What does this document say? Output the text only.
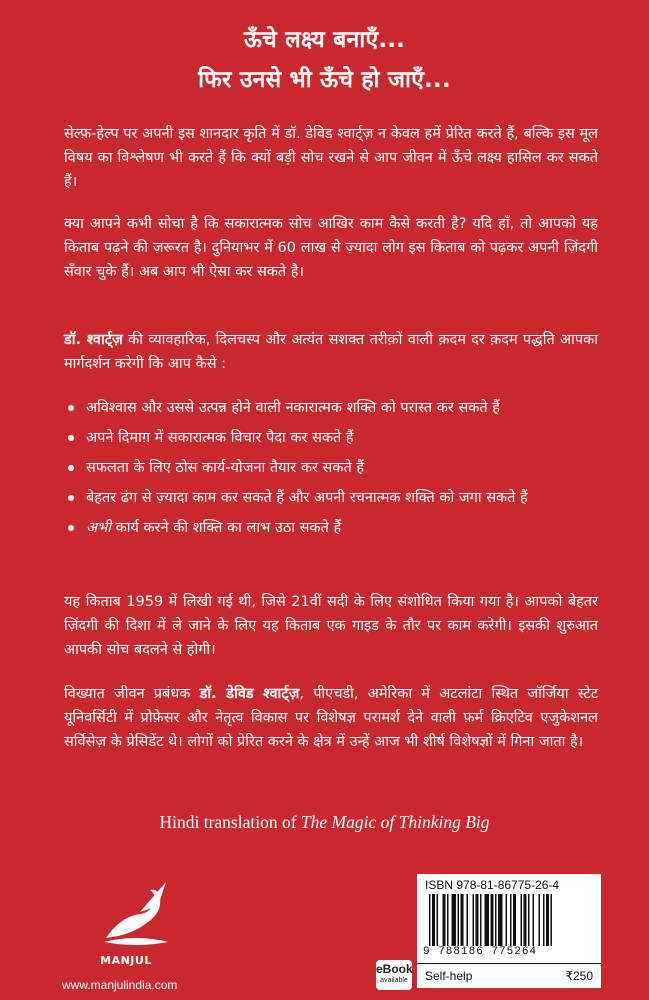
ऊँचे लक्ष्य बनाएँ...
फिर उनसे भी ऊँचे हो जाएँ...

सेल्फ़-हेल्प पर अपनी इस शानदार कृति में डॉ. डेविड श्वार्ट्ज़ न केवल हमें प्रेरित करते हैं, बल्कि इस मूल विषय का विश्लेषण भी करते हैं कि क्यों बड़ी सोच रखने से आप जीवन में ऊँचे लक्ष्य हासिल कर सकते हैं।

क्या आपने कभी सोचा है कि सकारात्मक सोच आखिर काम कैसे करती है? यदि हाँ, तो आपको यह किताब पढ़ने की ज़रूरत है। दुनियाभर में 60 लाख से ज़्यादा लोग इस किताब को पढ़कर अपनी ज़िंदगी सँवार चुके हैं। अब आप भी ऐसा कर सकते है।

डॉ. श्वार्ट्ज़ की व्यावहारिक, दिलचस्प और अत्यंत सशक्त तरीक़ों वाली क़दम दर क़दम पद्धति आपका मार्गदर्शन करेगी कि आप कैसे :

अविश्वास और उससे उत्पन्न होने वाली नकारात्मक शक्ति को परास्त कर सकते हैं
अपने दिमाग़ में सकारात्मक विचार पैदा कर सकते हैं
सफलता के लिए ठोस कार्य-योजना तैयार कर सकते हैं
बेहतर ढंग से ज़्यादा काम कर सकते हैं और अपनी रचनात्मक शक्ति को जगा सकते हैं
अभी कार्य करने की शक्ति का लाभ उठा सकते हैं

यह किताब 1959 में लिखी गई थी, जिसे 21वीं सदी के लिए संशोधित किया गया है। आपको बेहतर ज़िंदगी की दिशा में ले जाने के लिए यह किताब एक गाइड के तौर पर काम करेगी। इसकी शुरुआत आपकी सोच बदलने से होगी।

विख्यात जीवन प्रबंधक डॉ. डेविड श्वार्ट्ज़, पीएचडी, अमेरिका में अटलांटा स्थित जॉर्जिया स्टेट यूनिवर्सिटी में प्रोफ़ेसर और नेतृत्व विकास पर विशेषज्ञ परामर्श देने वाली फ़र्म क्रिएटिव एजुकेशनल सर्विसेज़ के प्रेसिडेंट थे। लोगों को प्रेरित करने के क्षेत्र में उन्हें आज भी शीर्ष विशेषज्ञों में गिना जाता है।

Hindi translation of The Magic of Thinking Big
MANJUL
www.manjulindia.com
eBook
available
ISBN 978-81-86775-26-4
9 788186 775264
Self-help	₹250
